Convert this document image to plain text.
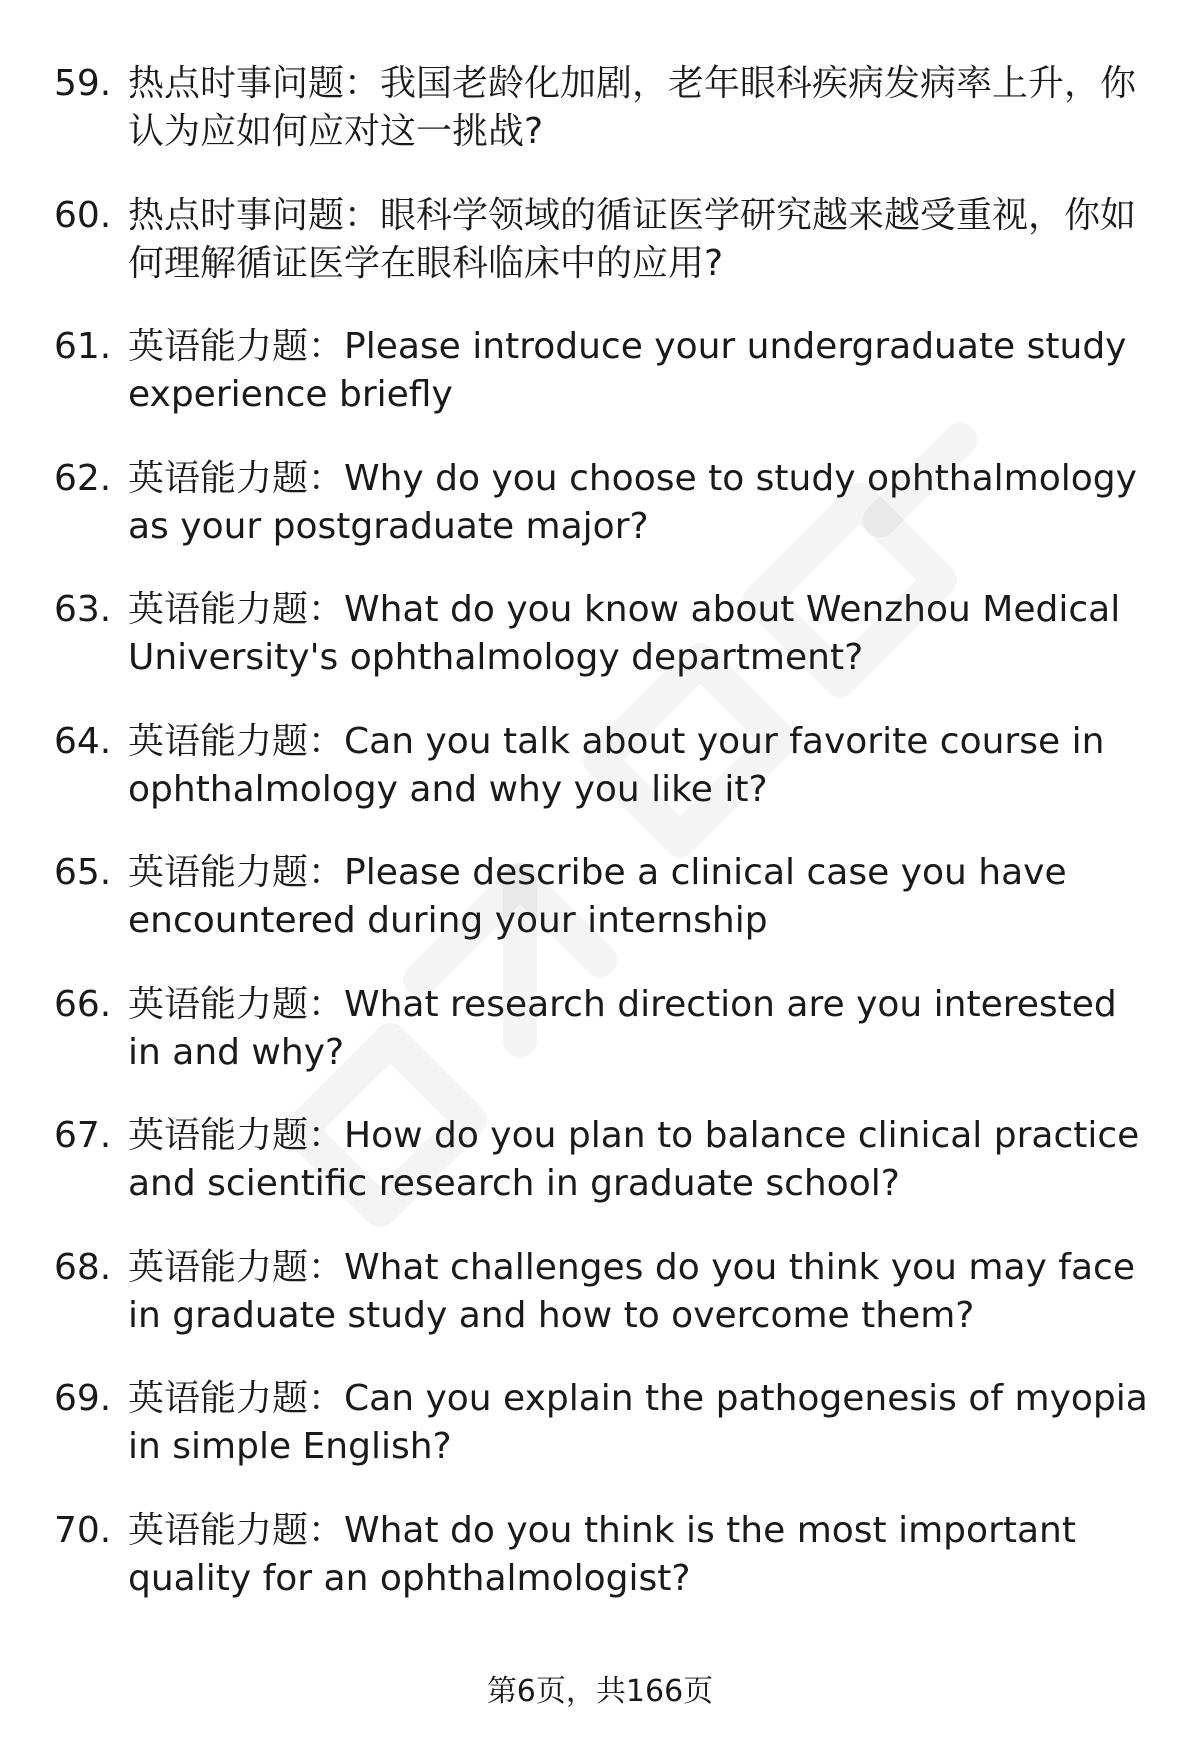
59. 热点时事问题：我国老龄化加剧，老年眼科疾病发病率上升，你认为应如何应对这一挑战?
60. 热点时事问题：眼科学领域的循证医学研究越来越受重视，你如何理解循证医学在眼科临床中的应用?
61. 英语能力题：Please introduce your undergraduate study experience briefly
62. 英语能力题：Why do you choose to study ophthalmology as your postgraduate major?
63. 英语能力题：What do you know about Wenzhou Medical University's ophthalmology department?
64. 英语能力题：Can you talk about your favorite course in ophthalmology and why you like it?
65. 英语能力题：Please describe a clinical case you have encountered during your internship
66. 英语能力题：What research direction are you interested in and why?
67. 英语能力题：How do you plan to balance clinical practice and scientific research in graduate school?
68. 英语能力题：What challenges do you think you may face in graduate study and how to overcome them?
69. 英语能力题：Can you explain the pathogenesis of myopia in simple English?
70. 英语能力题：What do you think is the most important quality for an ophthalmologist?
第6页，共166页
